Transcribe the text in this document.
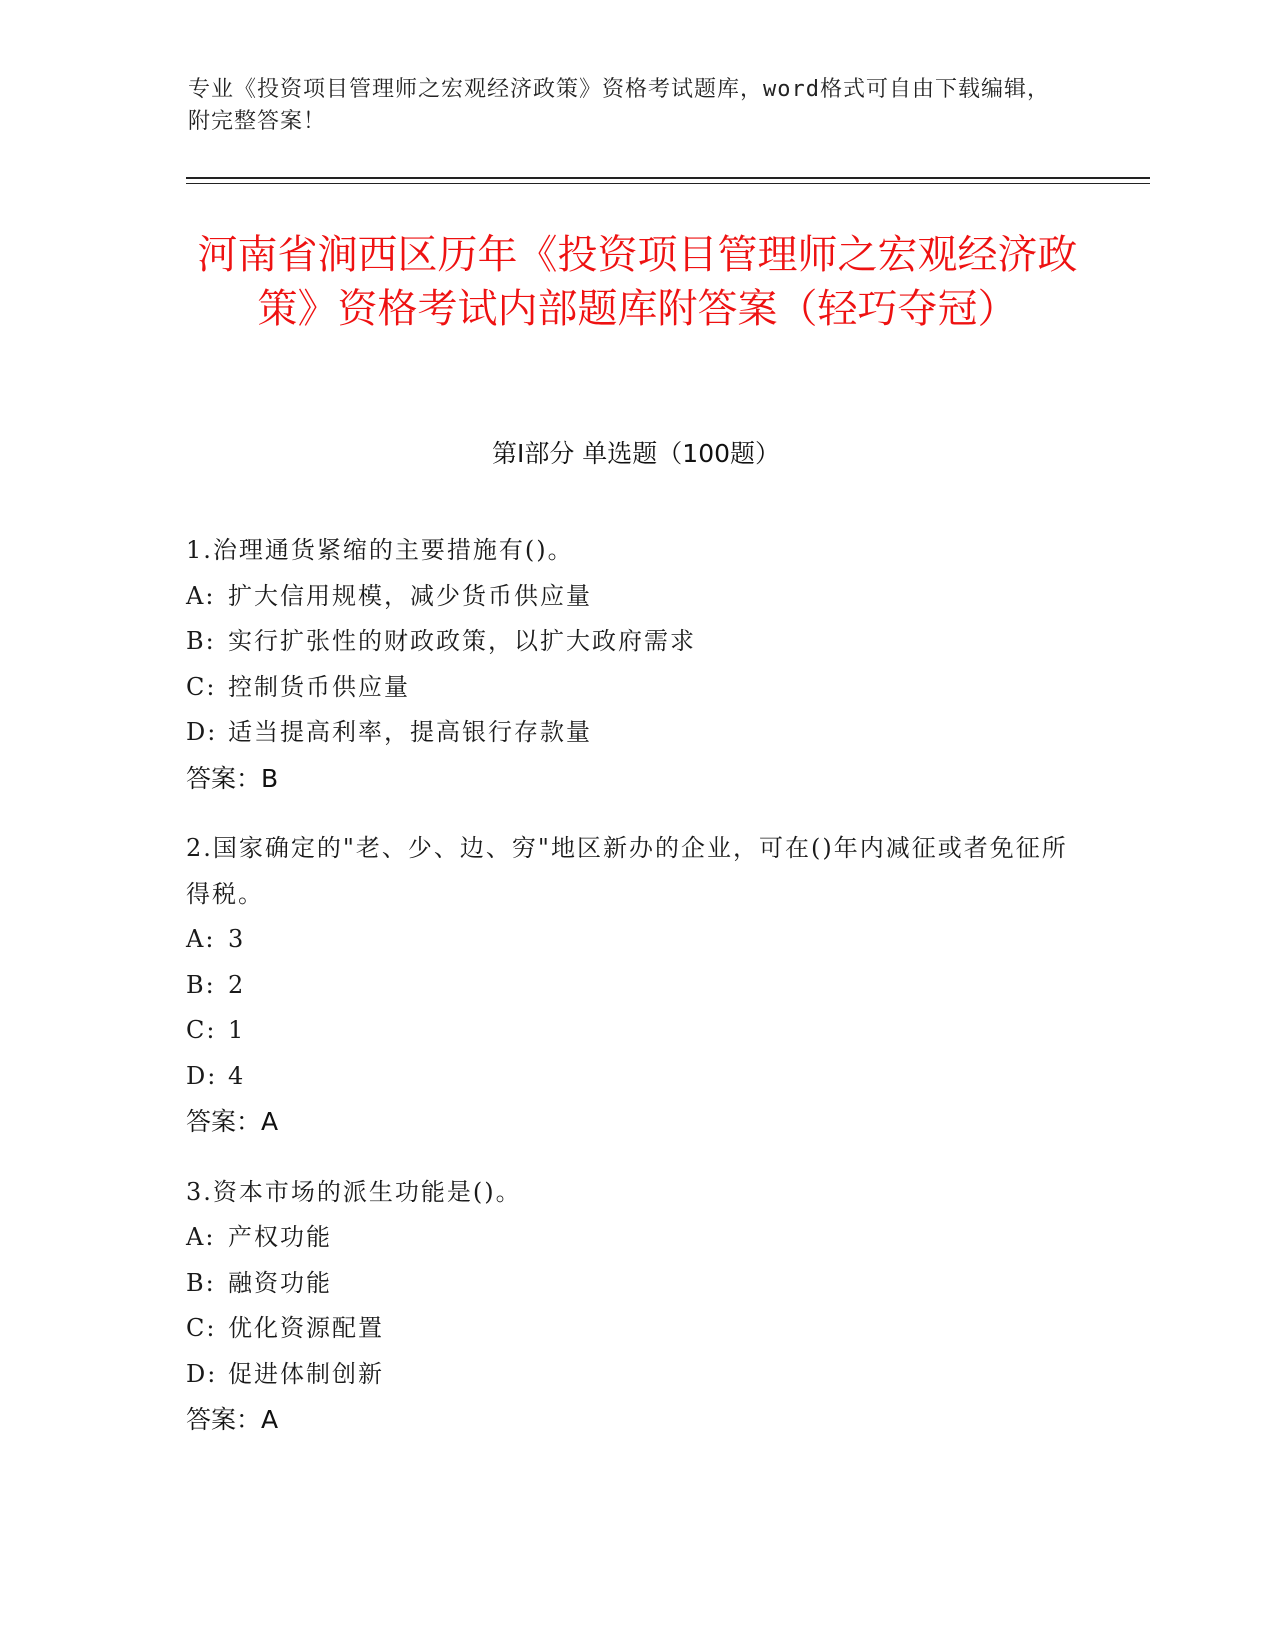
专业《投资项目管理师之宏观经济政策》资格考试题库，word格式可自由下载编辑，附完整答案！
河南省涧西区历年《投资项目管理师之宏观经济政策》资格考试内部题库附答案（轻巧夺冠）
第Ⅰ部分 单选题（100题）
1.治理通货紧缩的主要措施有()。
A: 扩大信用规模，减少货币供应量
B: 实行扩张性的财政政策，以扩大政府需求
C: 控制货币供应量
D: 适当提高利率，提高银行存款量
答案：B
2.国家确定的"老、少、边、穷"地区新办的企业，可在()年内减征或者免征所得税。
A: 3
B: 2
C: 1
D: 4
答案：A
3.资本市场的派生功能是()。
A: 产权功能
B: 融资功能
C: 优化资源配置
D: 促进体制创新
答案：A
